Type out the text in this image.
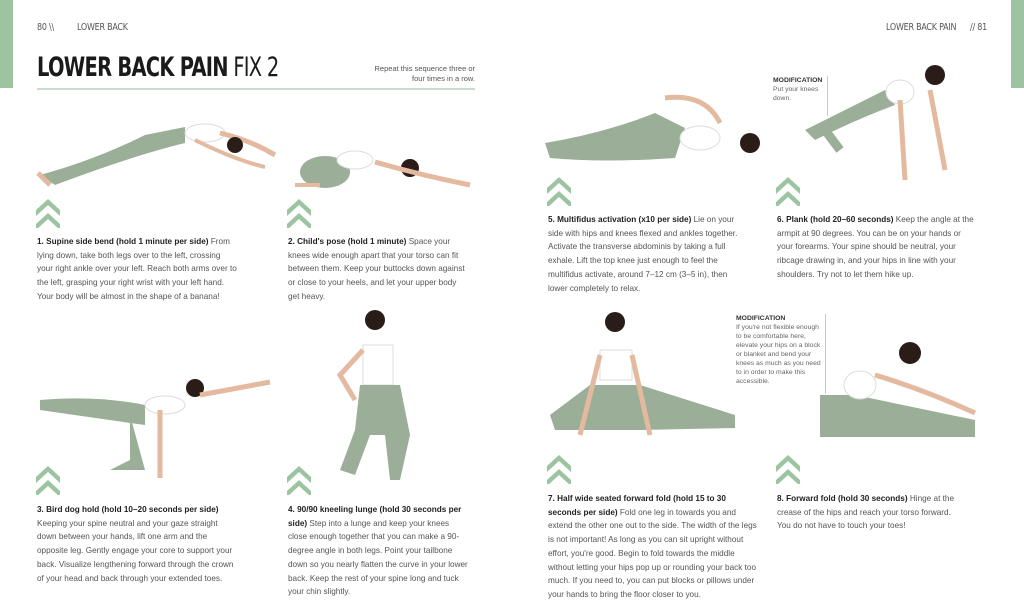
80 \\ LOWER BACK	LOWER BACK PAIN // 81
LOWER BACK PAIN FIX 2	Repeat this sequence three or four times in a row.	MODIFICATION
Put your knees down.
MODIFICATION
If you're not flexible enough to be comfortable here, elevate your hips on a block or blanket and bend your knees as much as you need to in order to make this accessible.
1. Supine side bend (hold 1 minute per side) From lying down, take both legs over to the left, crossing your right ankle over your left. Reach both arms over to the left, grasping your right wrist with your left hand. Your body will be almost in the shape of a banana!
2. Child's pose (hold 1 minute) Space your knees wide enough apart that your torso can fit between them. Keep your buttocks down against or close to your heels, and let your upper body get heavy.
3. Bird dog hold (hold 10–20 seconds per side) Keeping your spine neutral and your gaze straight down between your hands, lift one arm and the opposite leg. Gently engage your core to support your back. Visualize lengthening forward through the crown of your head and back through your extended toes.
4. 90/90 kneeling lunge (hold 30 seconds per side) Step into a lunge and keep your knees close enough together that you can make a 90-degree angle in both legs. Point your tailbone down so you nearly flatten the curve in your lower back. Keep the rest of your spine long and tuck your chin slightly.
5. Multifidus activation (x10 per side) Lie on your side with hips and knees flexed and ankles together. Activate the transverse abdominis by taking a full exhale. Lift the top knee just enough to feel the multifidus activate, around 7–12 cm (3–5 in), then lower completely to relax.
6. Plank (hold 20–60 seconds) Keep the angle at the armpit at 90 degrees. You can be on your hands or your forearms. Your spine should be neutral, your ribcage drawing in, and your hips in line with your shoulders. Try not to let them hike up.
7. Half wide seated forward fold (hold 15 to 30 seconds per side) Fold one leg in towards you and extend the other one out to the side. The width of the legs is not important! As long as you can sit upright without effort, you're good. Begin to fold towards the middle without letting your hips pop up or rounding your back too much. If you need to, you can put blocks or pillows under your hands to bring the floor closer to you.
8. Forward fold (hold 30 seconds) Hinge at the crease of the hips and reach your torso forward. You do not have to touch your toes!
